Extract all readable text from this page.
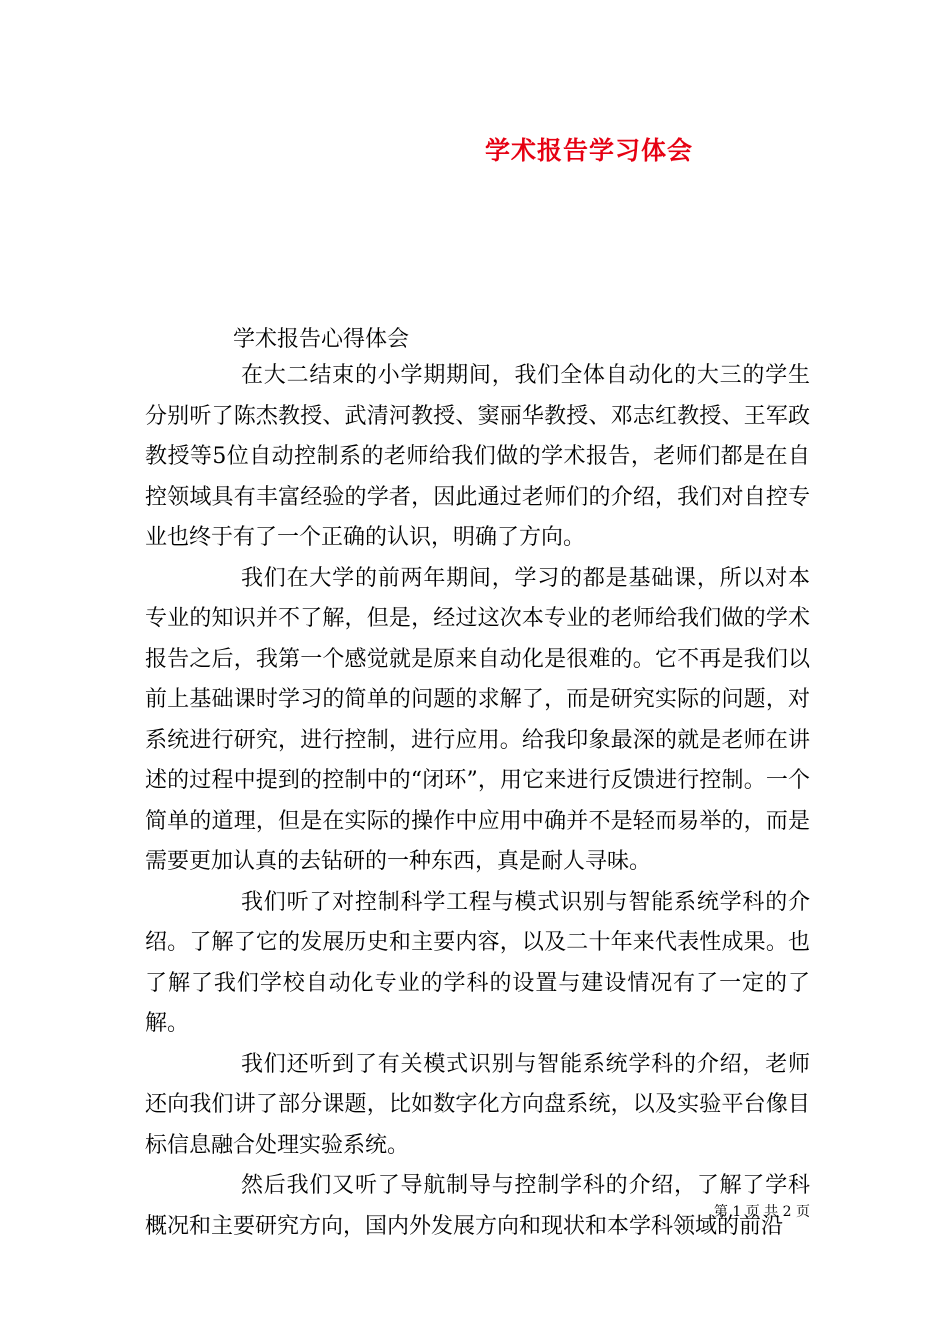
学术报告学习体会
学术报告心得体会

在大二结束的小学期期间，我们全体自动化的大三的学生分别听了陈杰教授、武清河教授、窦丽华教授、邓志红教授、王军政教授等5位自动控制系的老师给我们做的学术报告，老师们都是在自控领域具有丰富经验的学者，因此通过老师们的介绍，我们对自控专业也终于有了一个正确的认识，明确了方向。

我们在大学的前两年期间，学习的都是基础课，所以对本专业的知识并不了解，但是，经过这次本专业的老师给我们做的学术报告之后，我第一个感觉就是原来自动化是很难的。它不再是我们以前上基础课时学习的简单的问题的求解了，而是研究实际的问题，对系统进行研究，进行控制，进行应用。给我印象最深的就是老师在讲述的过程中提到的控制中的“闭环”，用它来进行反馈进行控制。一个简单的道理，但是在实际的操作中应用中确并不是轻而易举的，而是需要更加认真的去钻研的一种东西，真是耐人寻味。

我们听了对控制科学工程与模式识别与智能系统学科的介绍。了解了它的发展历史和主要内容，以及二十年来代表性成果。也了解了我们学校自动化专业的学科的设置与建设情况有了一定的了解。

我们还听到了有关模式识别与智能系统学科的介绍，老师还向我们讲了部分课题，比如数字化方向盘系统，以及实验平台像目标信息融合处理实验系统。

然后我们又听了导航制导与控制学科的介绍，了解了学科概况和主要研究方向，国内外发展方向和现状和本学科领域的前沿

第 1 页 共 2 页
